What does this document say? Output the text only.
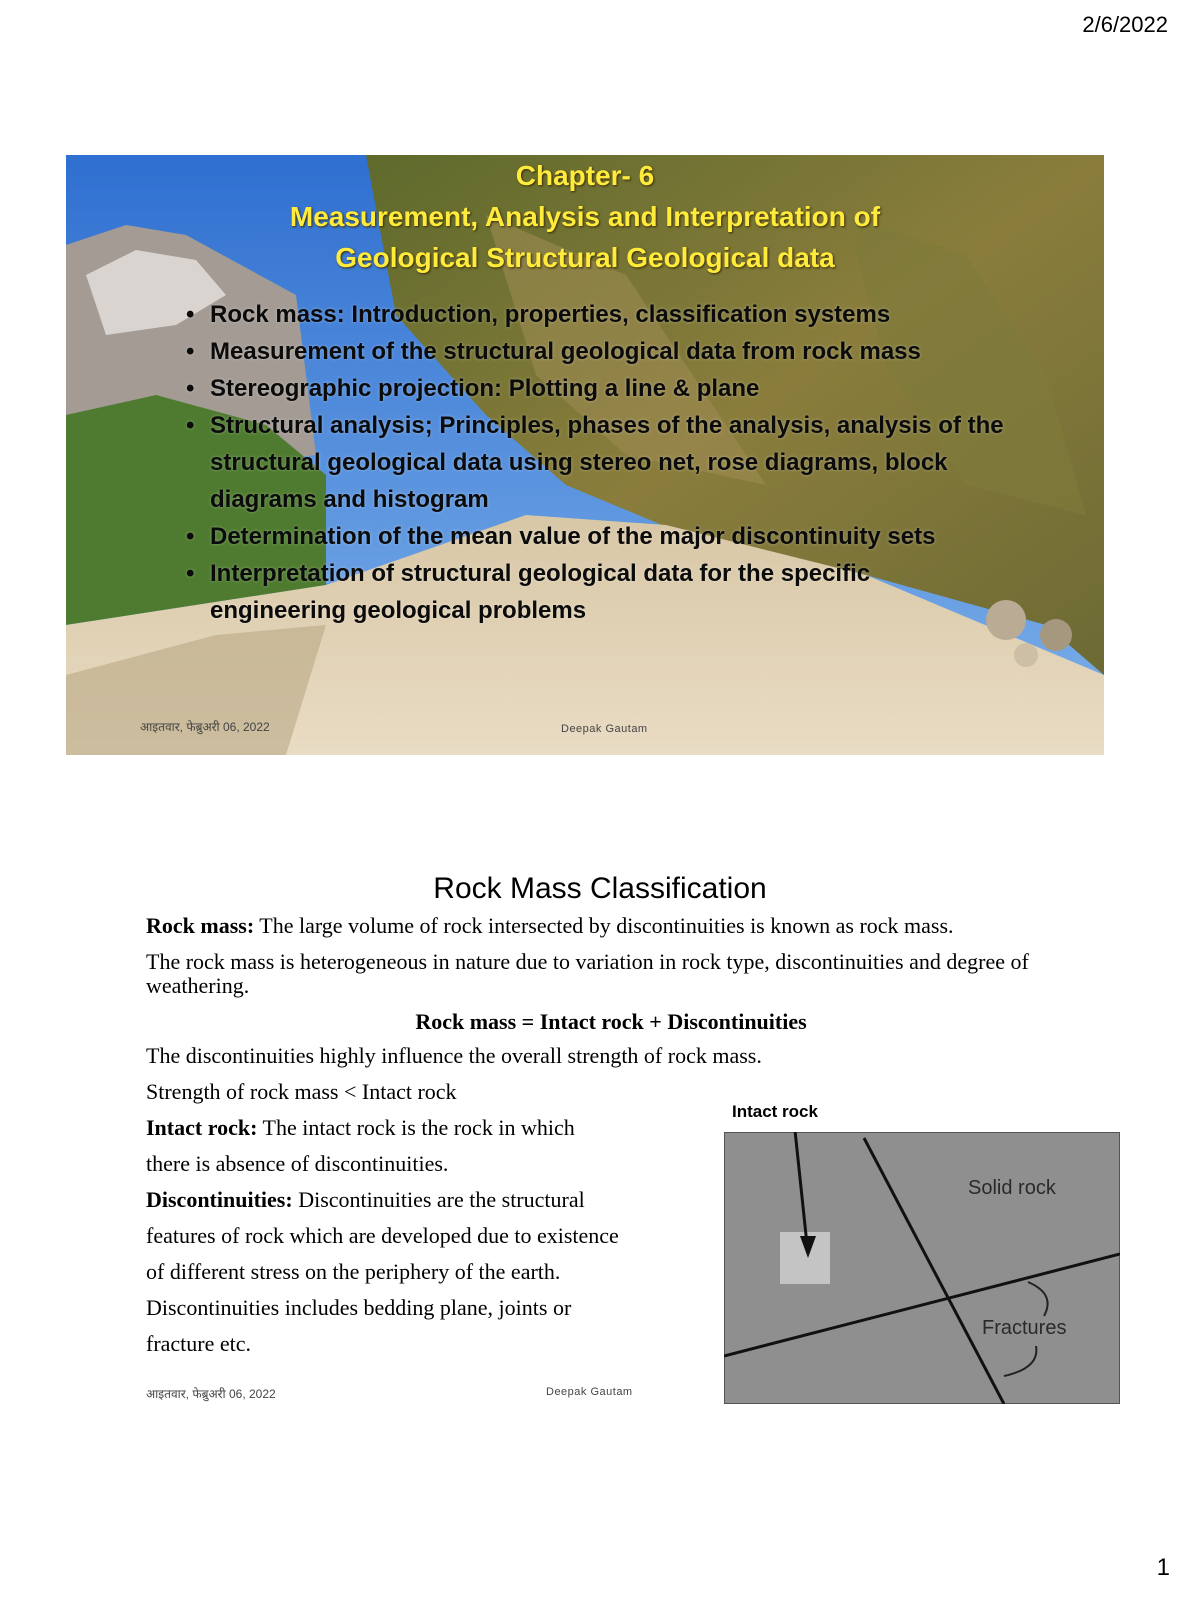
2/6/2022
Chapter- 6
Measurement, Analysis and Interpretation of
Geological Structural Geological data
• Rock mass: Introduction, properties, classification systems
• Measurement of the structural geological data from rock mass
• Stereographic projection: Plotting a line & plane
• Structural analysis; Principles, phases of the analysis, analysis of the structural geological data using stereo net, rose diagrams, block diagrams and histogram
• Determination of the mean value of the major discontinuity sets
• Interpretation of structural geological data for the specific engineering geological problems
आइतवार, फेब्रुअरी 06, 2022	Deepak Gautam
Rock Mass Classification

Rock mass: The large volume of rock intersected by discontinuities is known as rock mass.

The rock mass is heterogeneous in nature due to variation in rock type, discontinuities and degree of weathering.

Rock mass = Intact rock + Discontinuities

The discontinuities highly influence the overall strength of rock mass.

Strength of rock mass < Intact rock

Intact rock: The intact rock is the rock in which

there is absence of discontinuities.

Discontinuities: Discontinuities are the structural

features of rock which are developed due to existence

of different stress on the periphery of the earth.

Discontinuities includes bedding plane, joints or

fracture etc.

Intact rock
Solid rock
Fractures
आइतवार, फेब्रुअरी 06, 2022	Deepak Gautam
1
